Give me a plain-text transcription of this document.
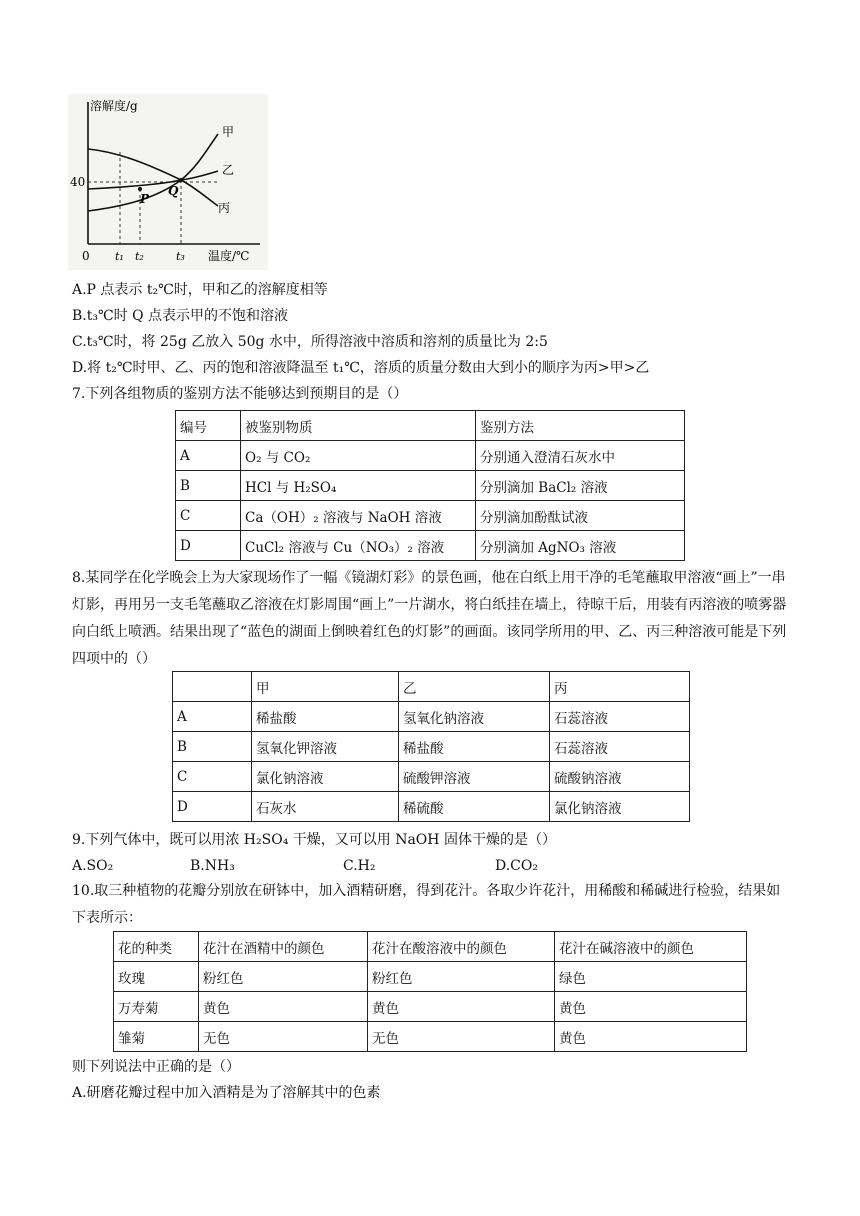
溶解度/g
40
0 t₁ t₂	t₃ 温度/℃
甲
乙
丙
P
Q
A.P 点表示 t₂℃时，甲和乙的溶解度相等
B.t₃℃时 Q 点表示甲的不饱和溶液
C.t₃℃时，将 25g 乙放入 50g 水中，所得溶液中溶质和溶剂的质量比为 2:5
D.将 t₂℃时甲、乙、丙的饱和溶液降温至 t₁℃，溶质的质量分数由大到小的顺序为丙>甲>乙
7.下列各组物质的鉴别方法不能够达到预期目的是（）
编号	被鉴别物质	鉴别方法
A	O₂ 与 CO₂	分别通入澄清石灰水中
B	HCl 与 H₂SO₄	分别滴加 BaCl₂ 溶液
C	Ca（OH）₂ 溶液与 NaOH 溶液	分别滴加酚酞试液
D	CuCl₂ 溶液与 Cu（NO₃）₂ 溶液	分别滴加 AgNO₃ 溶液
8.某同学在化学晚会上为大家现场作了一幅《镜湖灯彩》的景色画，他在白纸上用干净的毛笔蘸取甲溶液“画上”一串灯影，再用另一支毛笔蘸取乙溶液在灯影周围“画上”一片湖水，将白纸挂在墙上，待晾干后，用装有丙溶液的喷雾器向白纸上喷洒。结果出现了“蓝色的湖面上倒映着红色的灯影”的画面。该同学所用的甲、乙、丙三种溶液可能是下列四项中的（）
	甲	乙	丙
A	稀盐酸	氢氧化钠溶液	石蕊溶液
B	氢氧化钾溶液	稀盐酸	石蕊溶液
C	氯化钠溶液	硫酸钾溶液	硫酸钠溶液
D	石灰水	稀硫酸	氯化钠溶液
9.下列气体中，既可以用浓 H₂SO₄ 干燥，又可以用 NaOH 固体干燥的是（）
A.SO₂	B.NH₃	C.H₂	D.CO₂
10.取三种植物的花瓣分别放在研钵中，加入酒精研磨，得到花汁。各取少许花汁，用稀酸和稀碱进行检验，结果如下表所示：
花的种类	花汁在酒精中的颜色	花汁在酸溶液中的颜色	花汁在碱溶液中的颜色
玫瑰	粉红色	粉红色	绿色
万寿菊	黄色	黄色	黄色
雏菊	无色	无色	黄色
则下列说法中正确的是（）
A.研磨花瓣过程中加入酒精是为了溶解其中的色素
